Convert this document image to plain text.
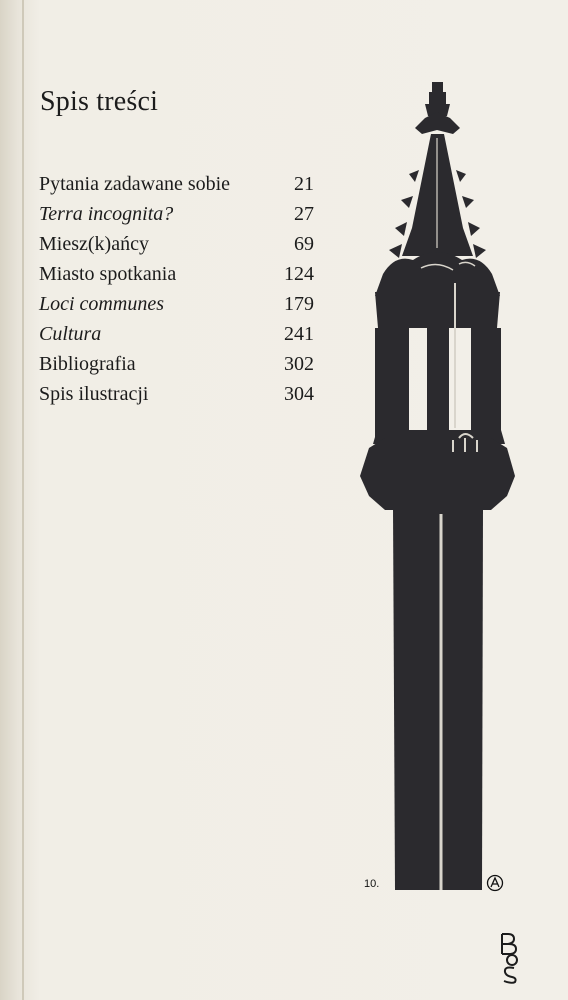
Spis treści
Pytania zadawane sobie	21
Terra incognita?	27
Miesz(k)ańcy	69
Miasto spotkania	124
Loci communes	179
Cultura	241
Bibliografia	302
Spis ilustracji	304
10.
